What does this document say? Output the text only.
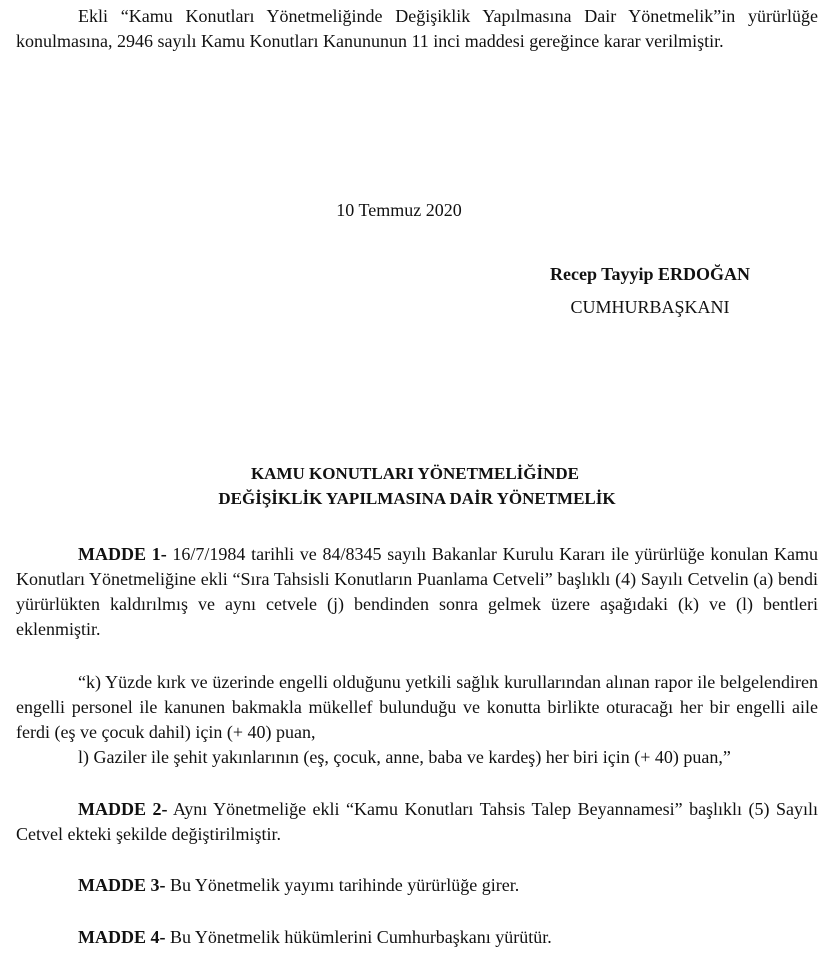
Ekli “Kamu Konutları Yönetmeliğinde Değişiklik Yapılmasına Dair Yönetmelik”in yürürlüğe konulmasına, 2946 sayılı Kamu Konutları Kanununun 11 inci maddesi gereğince karar verilmiştir.

10 Temmuz 2020

Recep Tayyip ERDOĞAN

CUMHURBAŞKANI

KAMU KONUTLARI YÖNETMELİĞİNDE

DEĞİŞİKLİK YAPILMASINA DAİR YÖNETMELİK

MADDE 1- 16/7/1984 tarihli ve 84/8345 sayılı Bakanlar Kurulu Kararı ile yürürlüğe konulan Kamu Konutları Yönetmeliğine ekli “Sıra Tahsisli Konutların Puanlama Cetveli” başlıklı (4) Sayılı Cetvelin (a) bendi yürürlükten kaldırılmış ve aynı cetvele (j) bendinden sonra gelmek üzere aşağıdaki (k) ve (l) bentleri eklenmiştir.

“k) Yüzde kırk ve üzerinde engelli olduğunu yetkili sağlık kurullarından alınan rapor ile belgelendiren engelli personel ile kanunen bakmakla mükellef bulunduğu ve konutta birlikte oturacağı her bir engelli aile ferdi (eş ve çocuk dahil) için (+ 40) puan,

l) Gaziler ile şehit yakınlarının (eş, çocuk, anne, baba ve kardeş) her biri için (+ 40) puan,”

MADDE 2- Aynı Yönetmeliğe ekli “Kamu Konutları Tahsis Talep Beyannamesi” başlıklı (5) Sayılı Cetvel ekteki şekilde değiştirilmiştir.

MADDE 3- Bu Yönetmelik yayımı tarihinde yürürlüğe girer.

MADDE 4- Bu Yönetmelik hükümlerini Cumhurbaşkanı yürütür.
